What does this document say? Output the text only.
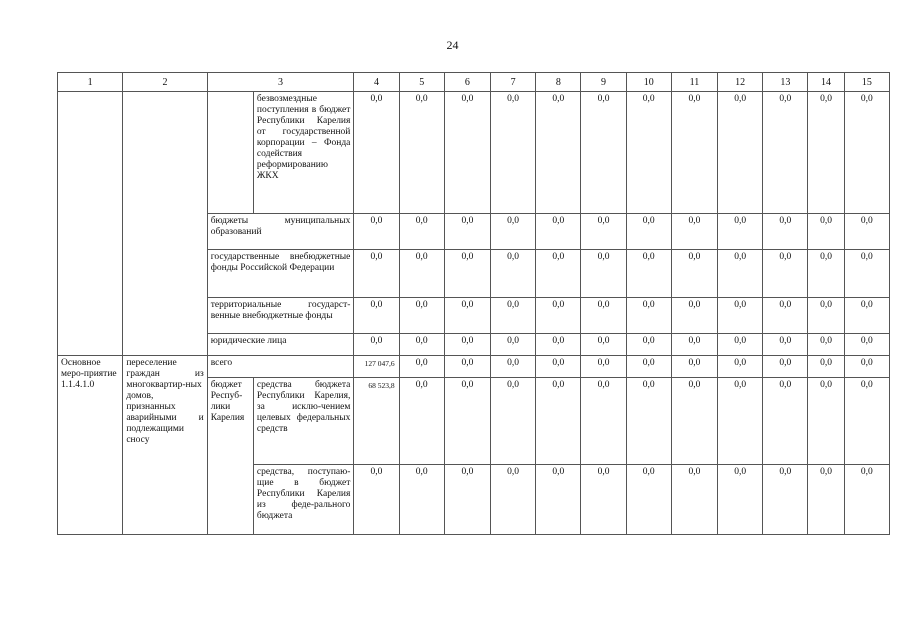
24
1	2	3		4	5	6	7	8	9	10	11	12	13	14	15
			безвозмездные поступления в бюджет Республики Карелия от государственной корпорации – Фонда содействия реформированию ЖКХ	0,0	0,0	0,0	0,0	0,0	0,0	0,0	0,0	0,0	0,0	0,0	0,0
		бюджеты муниципальных образований		0,0	0,0	0,0	0,0	0,0	0,0	0,0	0,0	0,0	0,0	0,0	0,0
		государственные внебюджетные фонды Российской Федерации		0,0	0,0	0,0	0,0	0,0	0,0	0,0	0,0	0,0	0,0	0,0	0,0
		территориальные государст-венные внебюджетные фонды		0,0	0,0	0,0	0,0	0,0	0,0	0,0	0,0	0,0	0,0	0,0	0,0
		юридические лица		0,0	0,0	0,0	0,0	0,0	0,0	0,0	0,0	0,0	0,0	0,0	0,0
Основное меро-приятие 1.1.4.1.0	переселение граждан из многоквартир-ных домов, признанных аварийными и подлежащими сносу	всего		127 047,6	0,0	0,0	0,0	0,0	0,0	0,0	0,0	0,0	0,0	0,0	0,0
		бюджет Респуб-лики Карелия	средства бюджета Республики Карелия, за исклю-чением целевых федеральных средств	68 523,8	0,0	0,0	0,0	0,0	0,0	0,0	0,0	0,0	0,0	0,0	0,0
			средства, поступаю-щие в бюджет Республики Карелия из феде-рального бюджета	0,0	0,0	0,0	0,0	0,0	0,0	0,0	0,0	0,0	0,0	0,0	0,0
